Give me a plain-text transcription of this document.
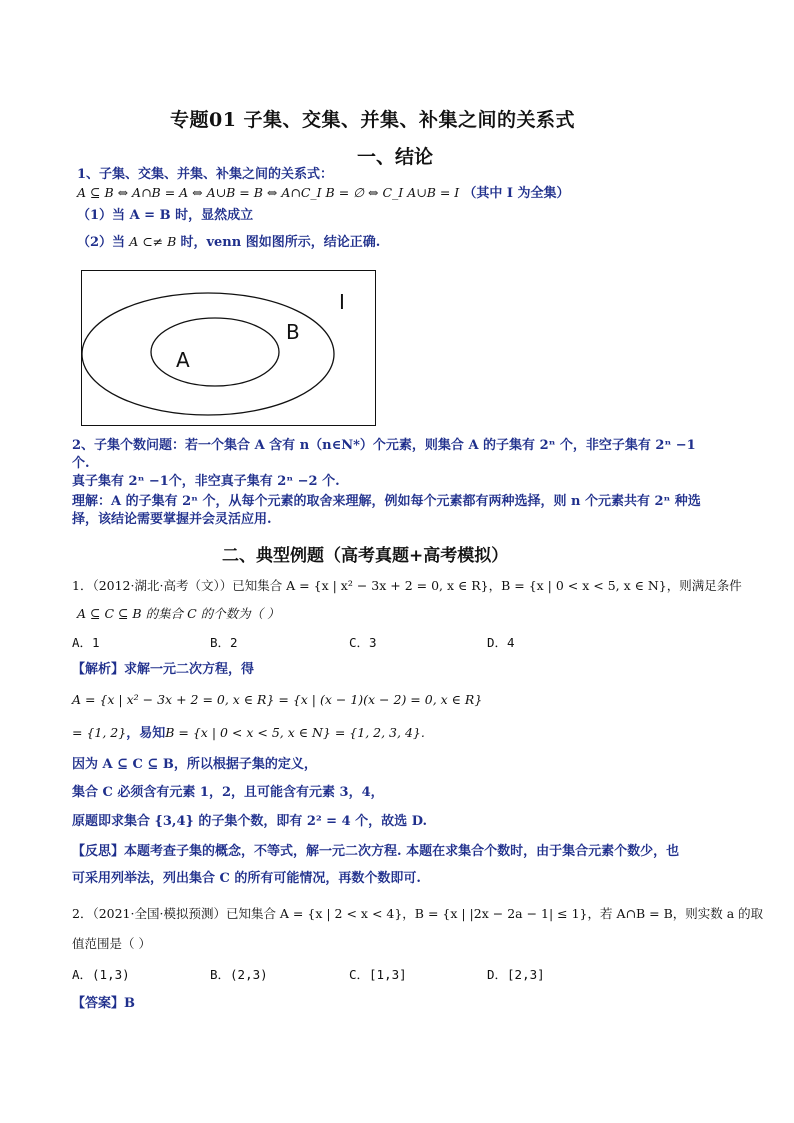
专题01 子集、交集、并集、补集之间的关系式
一、结论
1、子集、交集、并集、补集之间的关系式：
A ⊆ B ⇔ A∩B = A ⇔ A∪B = B ⇔ A∩C_I B = ∅ ⇔ C_I A∪B = I （其中 I 为全集）
（1）当 A = B 时，显然成立
（2）当 A ⊂≠ B 时，venn 图如图所示，结论正确.
A
B
I
2、子集个数问题：若一个集合 A 含有 n（n∈N*）个元素，则集合 A 的子集有 2ⁿ 个，非空子集有 2ⁿ −1
个.
真子集有 2ⁿ −1个，非空真子集有 2ⁿ −2 个.
理解：A 的子集有 2ⁿ 个，从每个元素的取舍来理解，例如每个元素都有两种选择，则 n 个元素共有 2ⁿ 种选
择，该结论需要掌握并会灵活应用.
二、典型例题（高考真题+高考模拟）
1．（2012·湖北·高考（文））已知集合 A = {x | x² − 3x + 2 = 0, x ∈ R}，B = {x | 0 < x < 5, x ∈ N}，则满足条件
A ⊆ C ⊆ B 的集合 C 的个数为（ ）
A．1	B．2	C．3	D．4
【解析】求解一元二次方程，得
A = {x | x² − 3x + 2 = 0, x ∈ R} = {x | (x − 1)(x − 2) = 0, x ∈ R}
= {1, 2}，易知B = {x | 0 < x < 5, x ∈ N} = {1, 2, 3, 4}.
因为 A ⊆ C ⊆ B，所以根据子集的定义，
集合 C 必须含有元素 1，2，且可能含有元素 3，4，
原题即求集合 {3,4} 的子集个数，即有 2² = 4 个，故选 D.
【反思】本题考查子集的概念，不等式，解一元二次方程. 本题在求集合个数时，由于集合元素个数少，也
可采用列举法，列出集合 C 的所有可能情况，再数个数即可.
2．（2021·全国·模拟预测）已知集合 A = {x | 2 < x < 4}，B = {x | |2x − 2a − 1| ≤ 1}，若 A∩B = B，则实数 a 的取
值范围是（ ）
A．(1,3)	B．(2,3)	C．[1,3]	D．[2,3]
【答案】B
